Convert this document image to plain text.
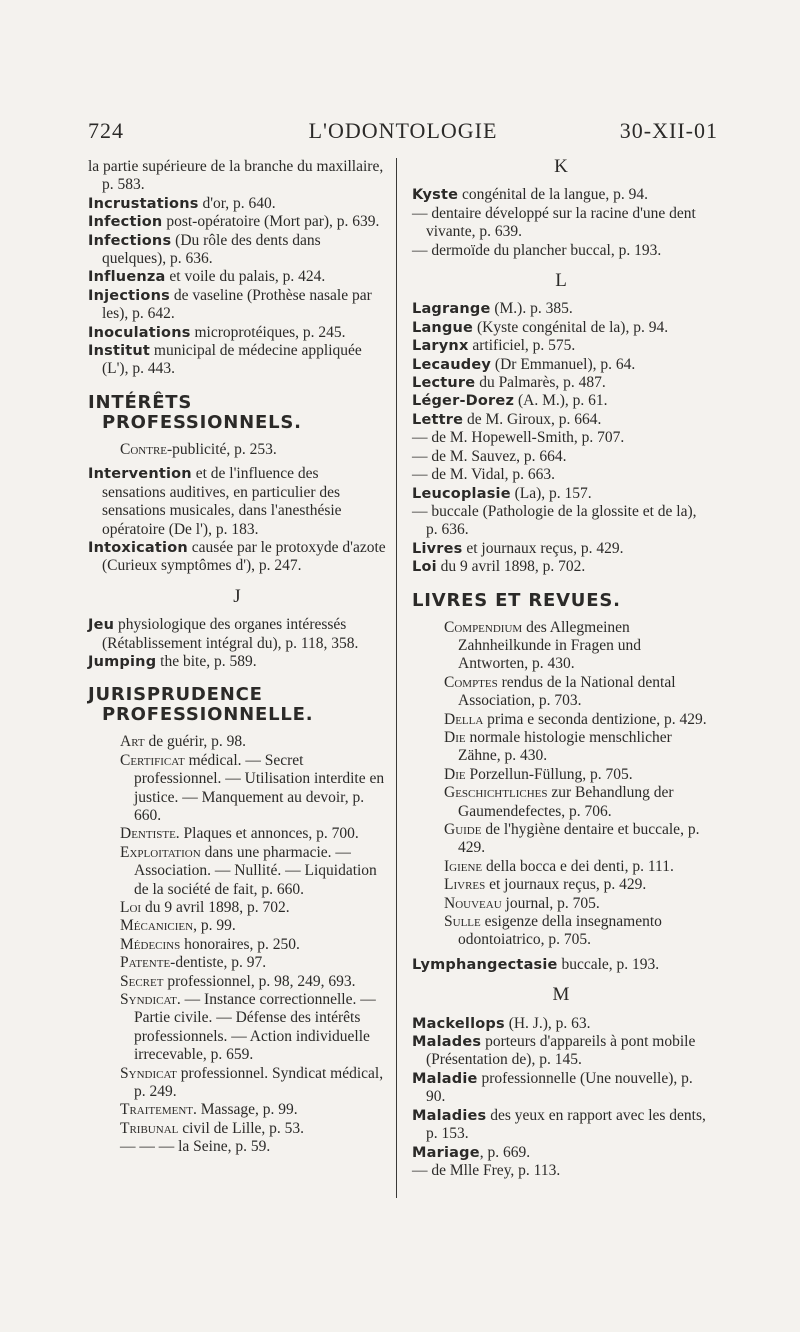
724	L'ODONTOLOGIE	30-XII-01

la partie supérieure de la branche du maxillaire, p. 583.

Incrustations d'or, p. 640.

Infection post-opératoire (Mort par), p. 639.

Infections (Du rôle des dents dans quelques), p. 636.

Influenza et voile du palais, p. 424.

Injections de vaseline (Prothèse nasale par les), p. 642.

Inoculations microprotéiques, p. 245.

Institut municipal de médecine appliquée (L'), p. 443.

INTÉRÊTS PROFESSIONNELS.

Contre-publicité, p. 253.

Intervention et de l'influence des sensations auditives, en particulier des sensations musicales, dans l'anesthésie opératoire (De l'), p. 183.

Intoxication causée par le protoxyde d'azote (Curieux symptômes d'), p. 247.

J

Jeu physiologique des organes intéressés (Rétablissement intégral du), p. 118, 358.

Jumping the bite, p. 589.

JURISPRUDENCE PROFESSIONNELLE.

Art de guérir, p. 98.

Certificat médical. — Secret professionnel. — Utilisation interdite en justice. — Manquement au devoir, p. 660.

Dentiste. Plaques et annonces, p. 700.

Exploitation dans une pharmacie. — Association. — Nullité. — Liquidation de la société de fait, p. 660.

Loi du 9 avril 1898, p. 702.

Mécanicien, p. 99.

Médecins honoraires, p. 250.

Patente-dentiste, p. 97.

Secret professionnel, p. 98, 249, 693.

Syndicat. — Instance correctionnelle. — Partie civile. — Défense des intérêts professionnels. — Action individuelle irrecevable, p. 659.

Syndicat professionnel. Syndicat médical, p. 249.

Traitement. Massage, p. 99.

Tribunal civil de Lille, p. 53.

— — — la Seine, p. 59.

K

Kyste congénital de la langue, p. 94.

— dentaire développé sur la racine d'une dent vivante, p. 639.

— dermoïde du plancher buccal, p. 193.

L

Lagrange (M.). p. 385.

Langue (Kyste congénital de la), p. 94.

Larynx artificiel, p. 575.

Lecaudey (Dr Emmanuel), p. 64.

Lecture du Palmarès, p. 487.

Léger-Dorez (A. M.), p. 61.

Lettre de M. Giroux, p. 664.

— de M. Hopewell-Smith, p. 707.

— de M. Sauvez, p. 664.

— de M. Vidal, p. 663.

Leucoplasie (La), p. 157.

— buccale (Pathologie de la glossite et de la), p. 636.

Livres et journaux reçus, p. 429.

Loi du 9 avril 1898, p. 702.

LIVRES ET REVUES.

Compendium des Allegmeinen Zahnheilkunde in Fragen und Antworten, p. 430.

Comptes rendus de la National dental Association, p. 703.

Della prima e seconda dentizione, p. 429.

Die normale histologie menschlicher Zähne, p. 430.

Die Porzellun-Füllung, p. 705.

Geschichtliches zur Behandlung der Gaumendefectes, p. 706.

Guide de l'hygiène dentaire et buccale, p. 429.

Igiene della bocca e dei denti, p. 111.

Livres et journaux reçus, p. 429.

Nouveau journal, p. 705.

Sulle esigenze della insegnamento odontoiatrico, p. 705.

Lymphangectasie buccale, p. 193.

M

Mackellops (H. J.), p. 63.

Malades porteurs d'appareils à pont mobile (Présentation de), p. 145.

Maladie professionnelle (Une nouvelle), p. 90.

Maladies des yeux en rapport avec les dents, p. 153.

Mariage, p. 669.

— de Mlle Frey, p. 113.
